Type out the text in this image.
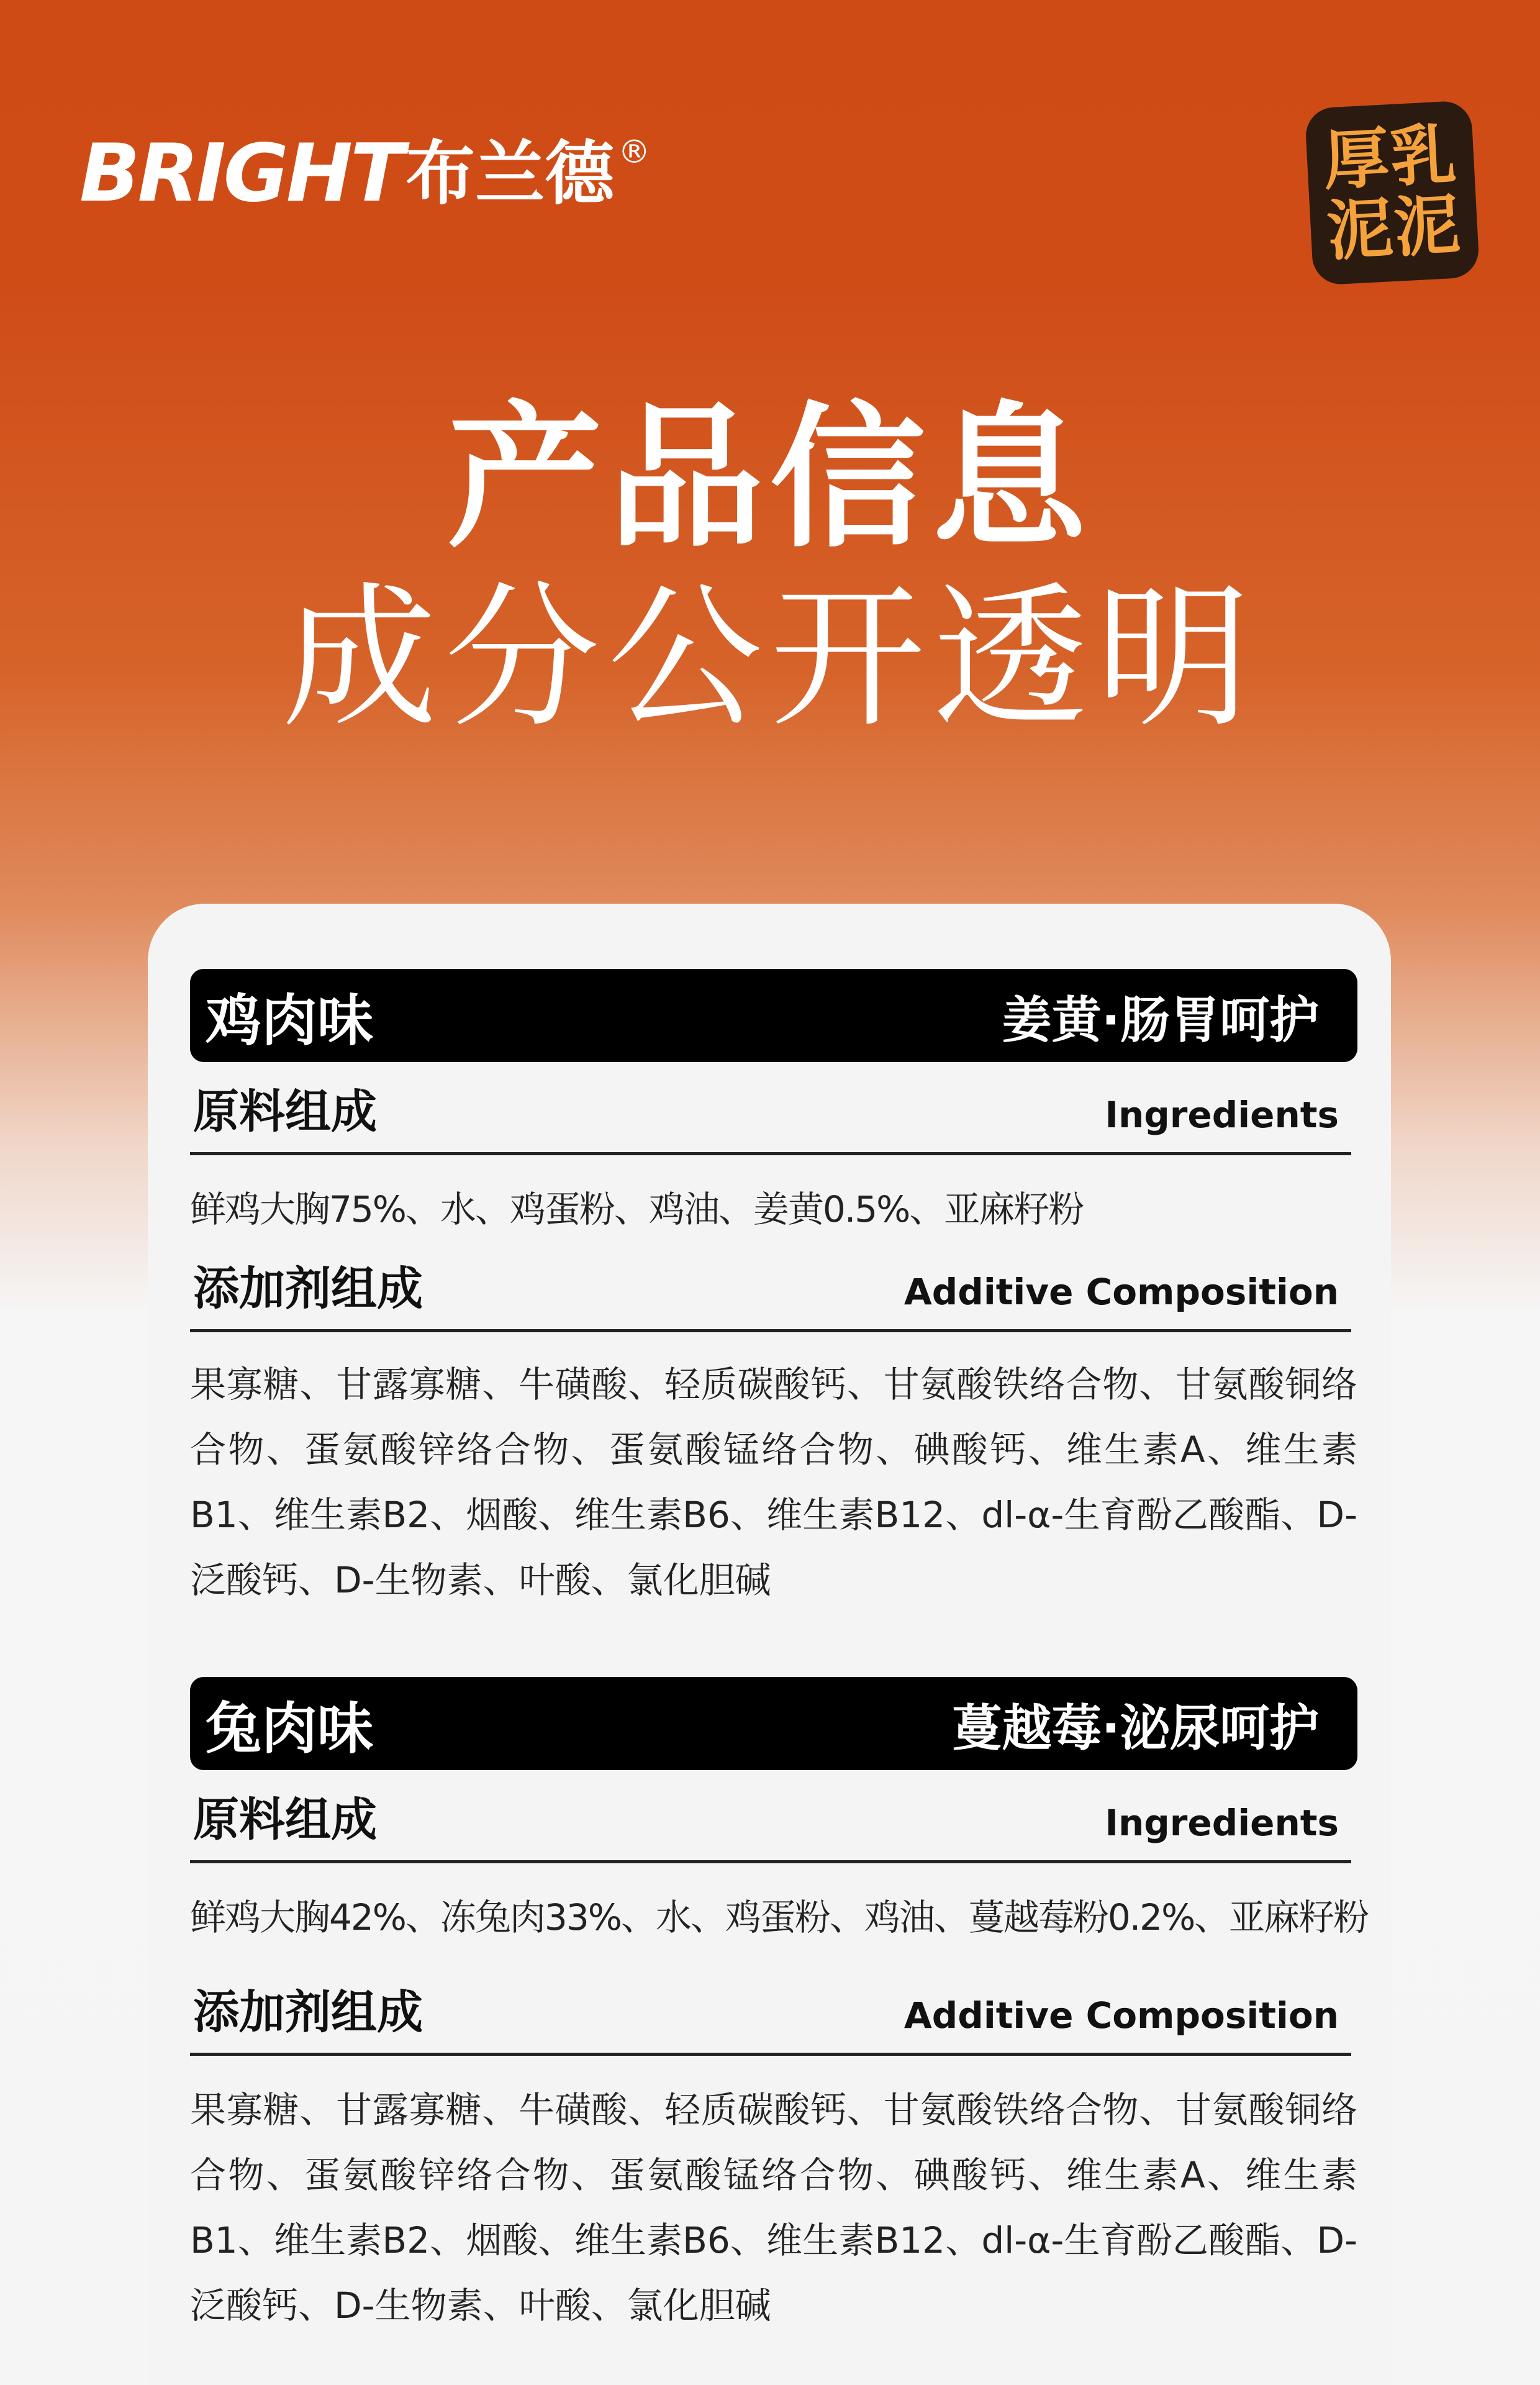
BRIGHT 布兰德 ®	厚乳
泥泥
产品信息
成分公开透明
鸡肉味	姜黄·肠胃呵护
原料组成	Ingredients
鲜鸡大胸75%、水、鸡蛋粉、鸡油、姜黄0.5%、亚麻籽粉
添加剂组成	Additive Composition
果寡糖、甘露寡糖、牛磺酸、轻质碳酸钙、甘氨酸铁络合物、甘氨酸铜络合物、蛋氨酸锌络合物、蛋氨酸锰络合物、碘酸钙、维生素A、维生素B1、维生素B2、烟酸、维生素B6、维生素B12、dl-α-生育酚乙酸酯、D-泛酸钙、D-生物素、叶酸、氯化胆碱
兔肉味	蔓越莓·泌尿呵护
原料组成	Ingredients
鲜鸡大胸42%、冻兔肉33%、水、鸡蛋粉、鸡油、蔓越莓粉0.2%、亚麻籽粉
添加剂组成	Additive Composition
果寡糖、甘露寡糖、牛磺酸、轻质碳酸钙、甘氨酸铁络合物、甘氨酸铜络合物、蛋氨酸锌络合物、蛋氨酸锰络合物、碘酸钙、维生素A、维生素B1、维生素B2、烟酸、维生素B6、维生素B12、dl-α-生育酚乙酸酯、D-泛酸钙、D-生物素、叶酸、氯化胆碱
